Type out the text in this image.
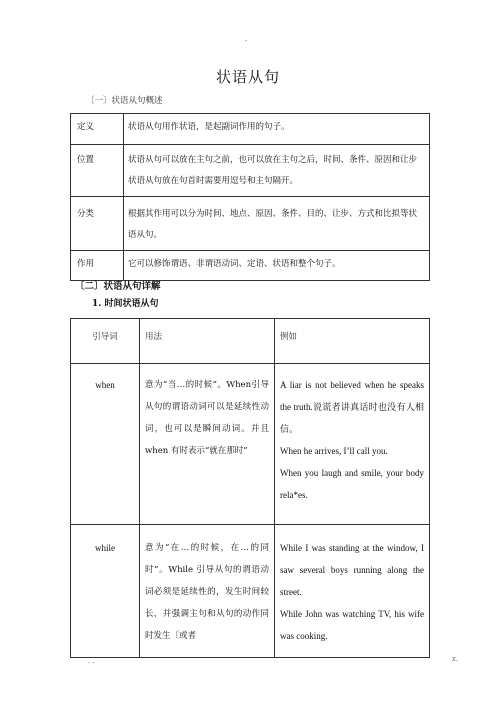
-
状语从句
〔一〕状语从句概述
定义	状语从句用作状语，是起副词作用的句子。
位置	状语从句可以放在主句之前，也可以放在主句之后，时间、条件、原因和让步状语从句放在句首时需要用逗号和主句隔开。
分类	根据其作用可以分为时间、地点、原因、条件、目的、让步、方式和比拟等状语从句。
作用	它可以修饰谓语、非谓语动词、定语、状语和整个句子。
〔二〕状语从句详解
1. 时间状语从句
引导词	用法	例如
when	意为“当…的时候”。When引导从句的谓语动词可以是延续性动词，也可以是瞬间动词。并且 when 有时表示“就在那时”	A liar is not believed when he speaks the truth.说谎者讲真话时也没有人相信。
When he arrives, I’ll call you.
When you laugh and smile, your body rela*es.

while	意为“在…的时候，在…的同时”。While 引导从句的谓语动词必须是延续性的，发生时间较长，并强调主句和从句的动作同时发生〔或者	While I was standing at the window, I saw several boys running along the street.
While John was watching TV, his wife was cooking.
. .	z.
